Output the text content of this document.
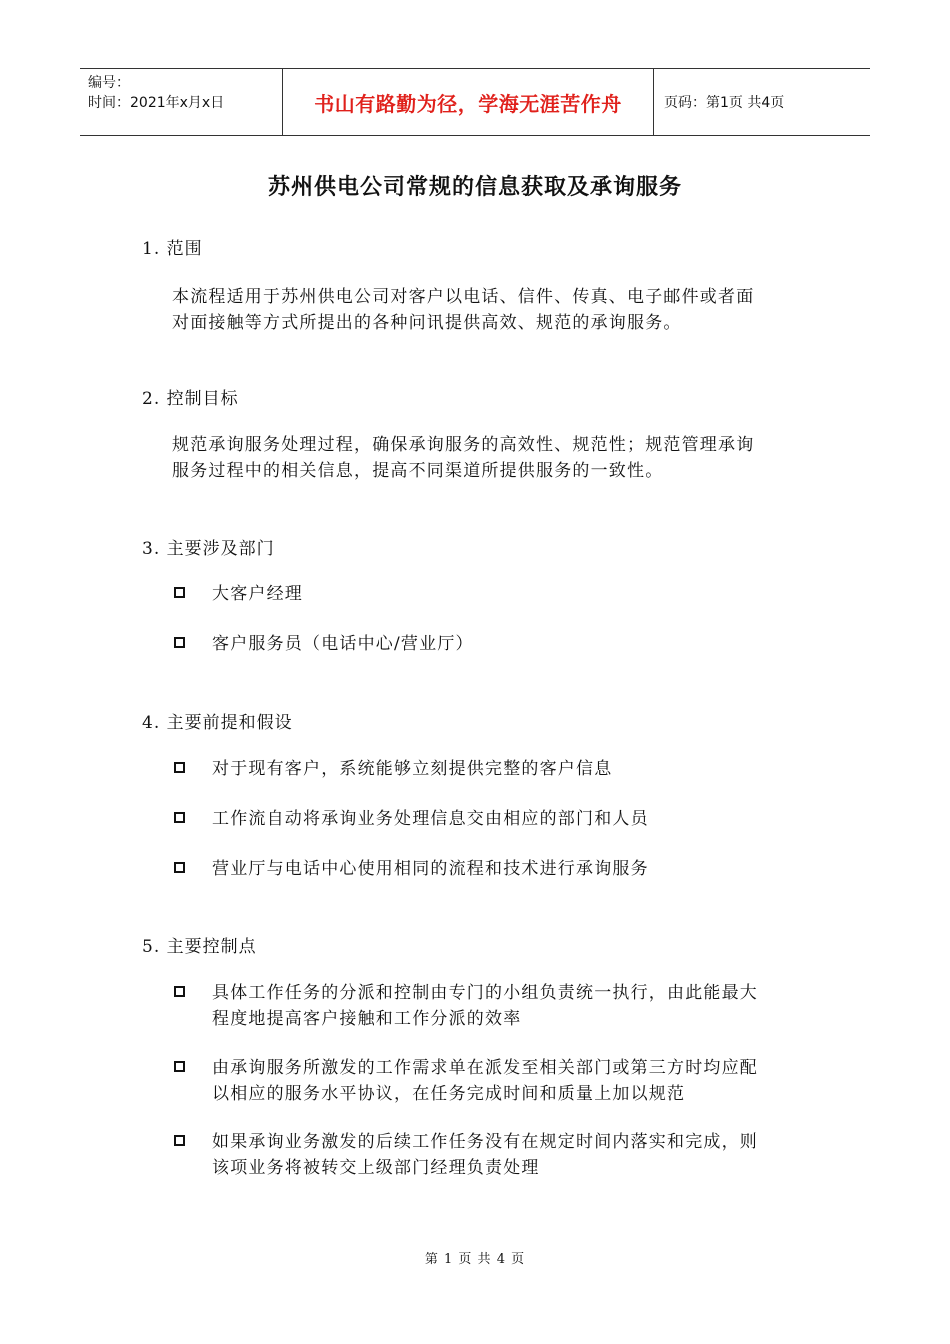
编号：
时间：2021年x月x日	书山有路勤为径，学海无涯苦作舟	页码：第1页 共4页
苏州供电公司常规的信息获取及承询服务
1. 范围
本流程适用于苏州供电公司对客户以电话、信件、传真、电子邮件或者面
对面接触等方式所提出的各种问讯提供高效、规范的承询服务。
2. 控制目标
规范承询服务处理过程，确保承询服务的高效性、规范性；规范管理承询
服务过程中的相关信息，提高不同渠道所提供服务的一致性。
3. 主要涉及部门
大客户经理
客户服务员（电话中心/营业厅）
4. 主要前提和假设
对于现有客户，系统能够立刻提供完整的客户信息
工作流自动将承询业务处理信息交由相应的部门和人员
营业厅与电话中心使用相同的流程和技术进行承询服务
5. 主要控制点
具体工作任务的分派和控制由专门的小组负责统一执行，由此能最大
程度地提高客户接触和工作分派的效率
由承询服务所激发的工作需求单在派发至相关部门或第三方时均应配
以相应的服务水平协议，在任务完成时间和质量上加以规范
如果承询业务激发的后续工作任务没有在规定时间内落实和完成，则
该项业务将被转交上级部门经理负责处理
第 1 页 共 4 页
